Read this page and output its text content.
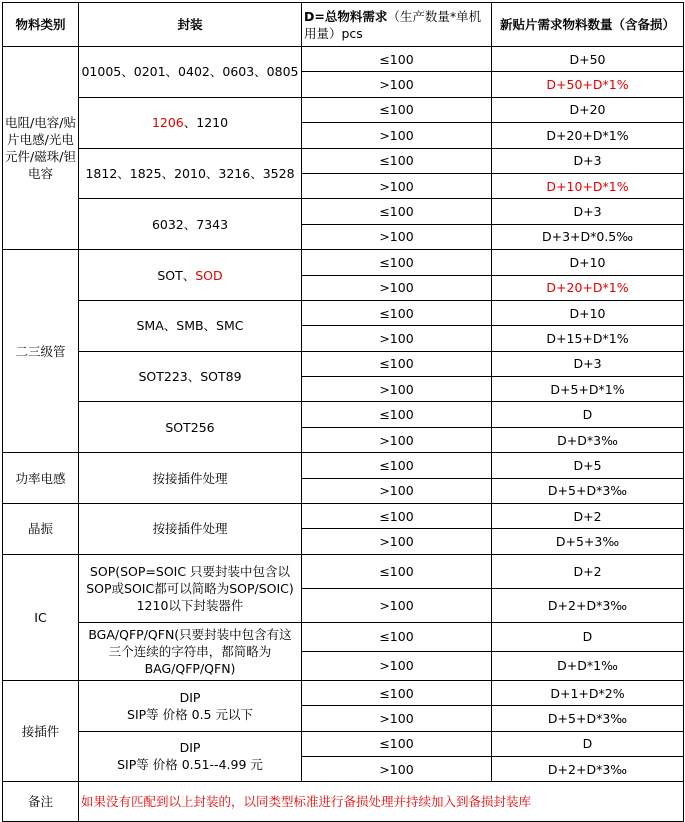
物料类别	封装	D=总物料需求（生产数量*单机用量）pcs	新贴片需求物料数量（含备损）
电阻/电容/贴片电感/光电元件/磁珠/钽电容	01005、0201、0402、0603、0805	≤100	D+50
		>100	D+50+D*1%
	1206、1210	≤100	D+20
		>100	D+20+D*1%
	1812、1825、2010、3216、3528	≤100	D+3
		>100	D+10+D*1%
	6032、7343	≤100	D+3
		>100	D+3+D*0.5‰
二三级管	SOT、SOD	≤100	D+10
		>100	D+20+D*1%
	SMA、SMB、SMC	≤100	D+10
		>100	D+15+D*1%
	SOT223、SOT89	≤100	D+3
		>100	D+5+D*1%
	SOT256	≤100	D
		>100	D+D*3‰
功率电感	按接插件处理	≤100	D+5
		>100	D+5+D*3‰
晶振	按接插件处理	≤100	D+2
		>100	D+5+3‰
IC	SOP(SOP=SOIC 只要封装中包含以
SOP或SOIC都可以简略为SOP/SOIC)
1210以下封装器件	≤100	D+2
		>100	D+2+D*3‰

	BGA/QFP/QFN(只要封装中包含有这
三个连续的字符串，都简略为
BAG/QFP/QFN)	≤100	D
		>100	D+D*1‰
接插件	DIP
SIP等 价格 0.5 元以下	≤100	D+1+D*2%
		>100	D+5+D*3‰

	DIP
SIP等 价格 0.51--4.99 元	≤100	D
		>100	D+2+D*3‰
备注	如果没有匹配到以上封装的，以同类型标准进行备损处理并持续加入到备损封装库		
